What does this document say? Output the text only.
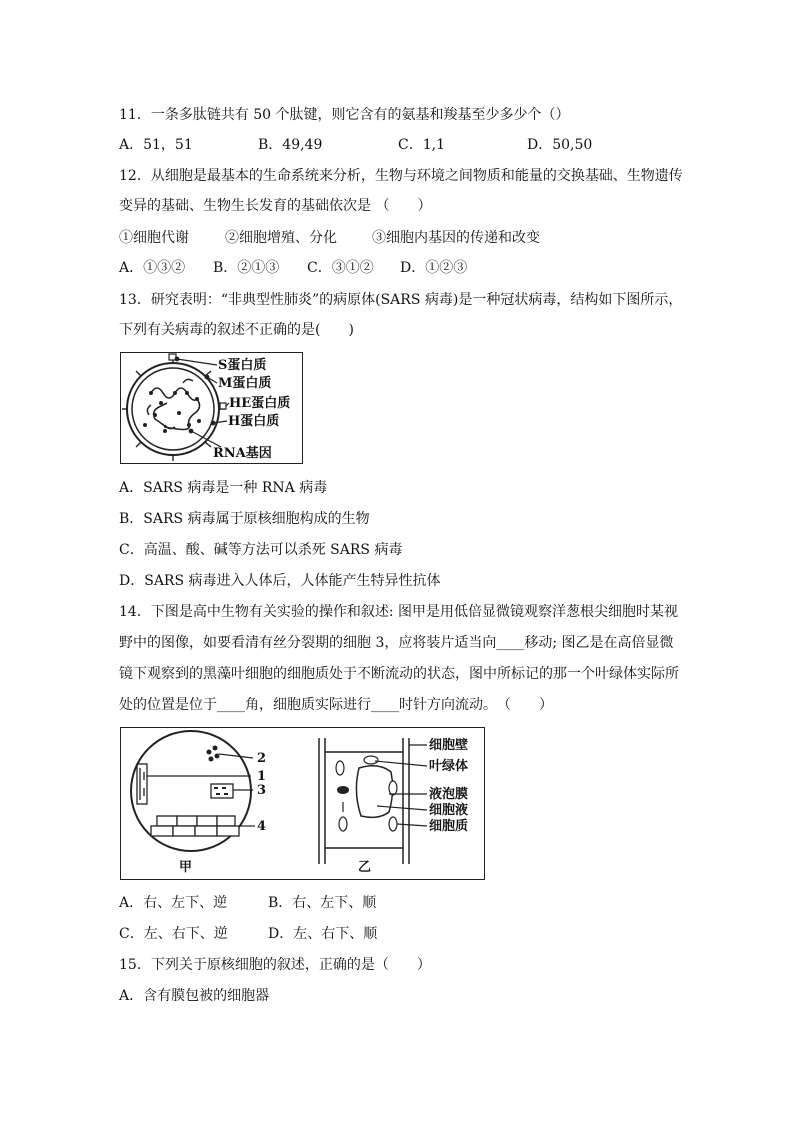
11．一条多肽链共有 50 个肽键，则它含有的氨基和羧基至少多少个（）
A．51，51	B．49,49	C．1,1	D．50,50
12．从细胞是最基本的生命系统来分析，生物与环境之间物质和能量的交换基础、生物遗传
变异的基础、生物生长发育的基础依次是 （　　）
①细胞代谢	②细胞增殖、分化	③细胞内基因的传递和改变
A．①③② B．②①③ C．③①② D．①②③
13．研究表明：“非典型性肺炎”的病原体(SARS 病毒)是一种冠状病毒，结构如下图所示，
下列有关病毒的叙述不正确的是(　　)
S蛋白质
M蛋白质
HE蛋白质
H蛋白质
RNA基因
A．SARS 病毒是一种 RNA 病毒
B．SARS 病毒属于原核细胞构成的生物
C．高温、酸、碱等方法可以杀死 SARS 病毒
D．SARS 病毒进入人体后，人体能产生特异性抗体
14．下图是高中生物有关实验的操作和叙述: 图甲是用低倍显微镜观察洋葱根尖细胞时某视
野中的图像，如要看清有丝分裂期的细胞 3，应将装片适当向____移动; 图乙是在高倍显微
镜下观察到的黑藻叶细胞的细胞质处于不断流动的状态，图中所标记的那一个叶绿体实际所
处的位置是位于____角，细胞质实际进行____时针方向流动。　（　　）
2
1
3
4
甲
细胞壁
叶绿体
液泡膜
细胞液
细胞质
乙
A．右、左下、逆	B．右、左下、顺
C．左、右下、逆	D．左、右下、顺
15．下列关于原核细胞的叙述，正确的是（　　）
A．含有膜包被的细胞器
